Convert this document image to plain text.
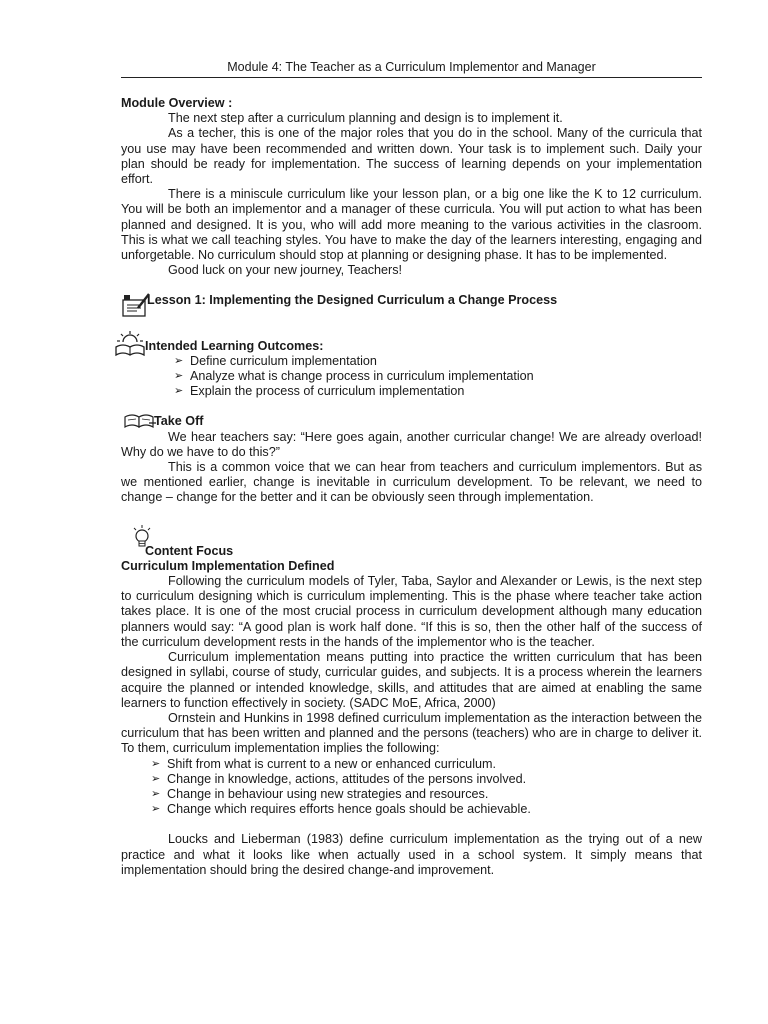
Module 4: The Teacher as a Curriculum Implementor and Manager

Module Overview :

The next step after a curriculum planning and design is to implement it.

As a techer, this is one of the major roles that you do in the school. Many of the curricula that you use may have been recommended and written down. Your task is to implement such. Daily your plan should be ready for implementation. The success of learning depends on your implementation effort.

There is a miniscule curriculum like your lesson plan, or a big one like the K to 12 curriculum. You will be both an implementor and a manager of these curricula. You will put action to what has been planned and designed. It is you, who will add more meaning to the various activities in the clasroom. This is what we call teaching styles. You have to make the day of the learners interesting, engaging and unforgetable. No curriculum should stop at planning or designing phase. It has to be implemented.

Good luck on your new journey, Teachers!

Lesson 1: Implementing the Designed Curriculum a Change Process
Intended Learning Outcomes:
➢ Define curriculum implementation
➢ Analyze what is change process in curriculum implementation
➢ Explain the process of curriculum implementation
Take Off

We hear teachers say: “Here goes again, another curricular change! We are already overload! Why do we have to do this?”

This is a common voice that we can hear from teachers and curriculum implementors. But as we mentioned earlier, change is inevitable in curriculum development. To be relevant, we need to change – change for the better and it can be obviously seen through implementation.

Content Focus

Curriculum Implementation Defined

Following the curriculum models of Tyler, Taba, Saylor and Alexander or Lewis, is the next step to curriculum designing which is curriculum implementing. This is the phase where teacher take action takes place. It is one of the most crucial process in curriculum development although many education planners would say: “A good plan is work half done. “If this is so, then the other half of the success of the curriculum development rests in the hands of the implementor who is the teacher.

Curriculum implementation means putting into practice the written curriculum that has been designed in syllabi, course of study, curricular guides, and subjects. It is a process wherein the learners acquire the planned or intended knowledge, skills, and attitudes that are aimed at enabling the same learners to function effectively in society. (SADC MoE, Africa, 2000)

Ornstein and Hunkins in 1998 defined curriculum implementation as the interaction between the curriculum that has been written and planned and the persons (teachers) who are in charge to deliver it. To them, curriculum implementation implies the following:

➢ Shift from what is current to a new or enhanced curriculum.
➢ Change in knowledge, actions, attitudes of the persons involved.
➢ Change in behaviour using new strategies and resources.
➢ Change which requires efforts hence goals should be achievable.

Loucks and Lieberman (1983) define curriculum implementation as the trying out of a new practice and what it looks like when actually used in a school system. It simply means that implementation should bring the desired change-and improvement.
